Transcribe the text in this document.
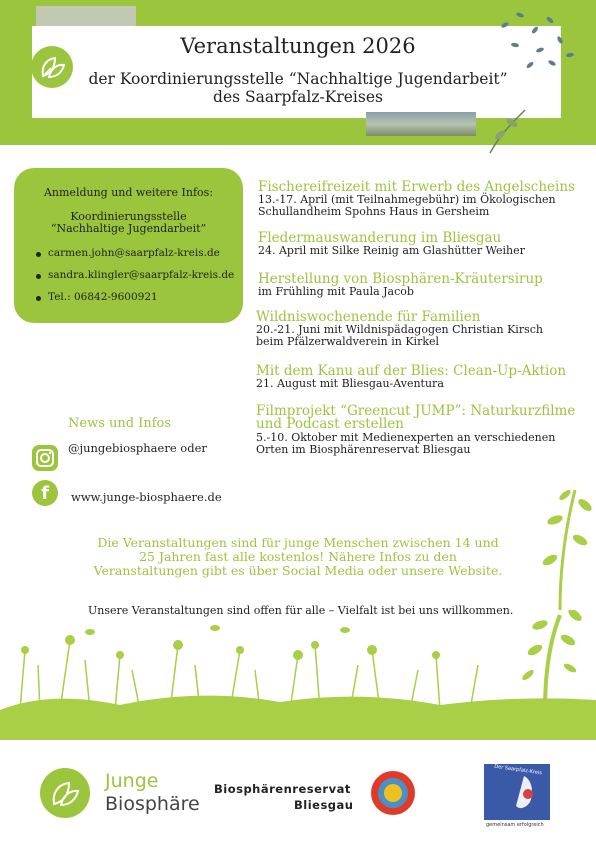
Veranstaltungen 2026
der Koordinierungsstelle “Nachhaltige Jugendarbeit”
des Saarpfalz-Kreises
Anmeldung und weitere Infos:
Koordinierungsstelle
“Nachhaltige Jugendarbeit”
carmen.john@saarpfalz-kreis.de
sandra.klingler@saarpfalz-kreis.de
Tel.: 06842-9600921
Fischereifreizeit mit Erwerb des Angelscheins
13.-17. April (mit Teilnahmegebühr) im Ökologischen
Schullandheim Spohns Haus in Gersheim
Fledermauswanderung im Bliesgau
24. April mit Silke Reinig am Glashütter Weiher
Herstellung von Biosphären-Kräutersirup
im Frühling mit Paula Jacob
Wildniswochenende für Familien
20.-21. Juni mit Wildnispädagogen Christian Kirsch
beim Pfälzerwaldverein in Kirkel
Mit dem Kanu auf der Blies: Clean-Up-Aktion
21. August mit Bliesgau-Aventura
Filmprojekt “Greencut JUMP”: Naturkurzfilme
und Podcast erstellen
5.-10. Oktober mit Medienexperten an verschiedenen
Orten im Biosphärenreservat Bliesgau
f
News und Infos
@jungebiosphaere oder
www.junge-biosphaere.de
Die Veranstaltungen sind für junge Menschen zwischen 14 und
25 Jahren fast alle kostenlos! Nähere Infos zu den
Veranstaltungen gibt es über Social Media oder unsere Website.
Unsere Veranstaltungen sind offen für alle – Vielfalt ist bei uns willkommen.
Junge
Biosphäre
Biosphärenreservat
Bliesgau
Der Saarpfalz-Kreis
gemeinsam erfolgreich
